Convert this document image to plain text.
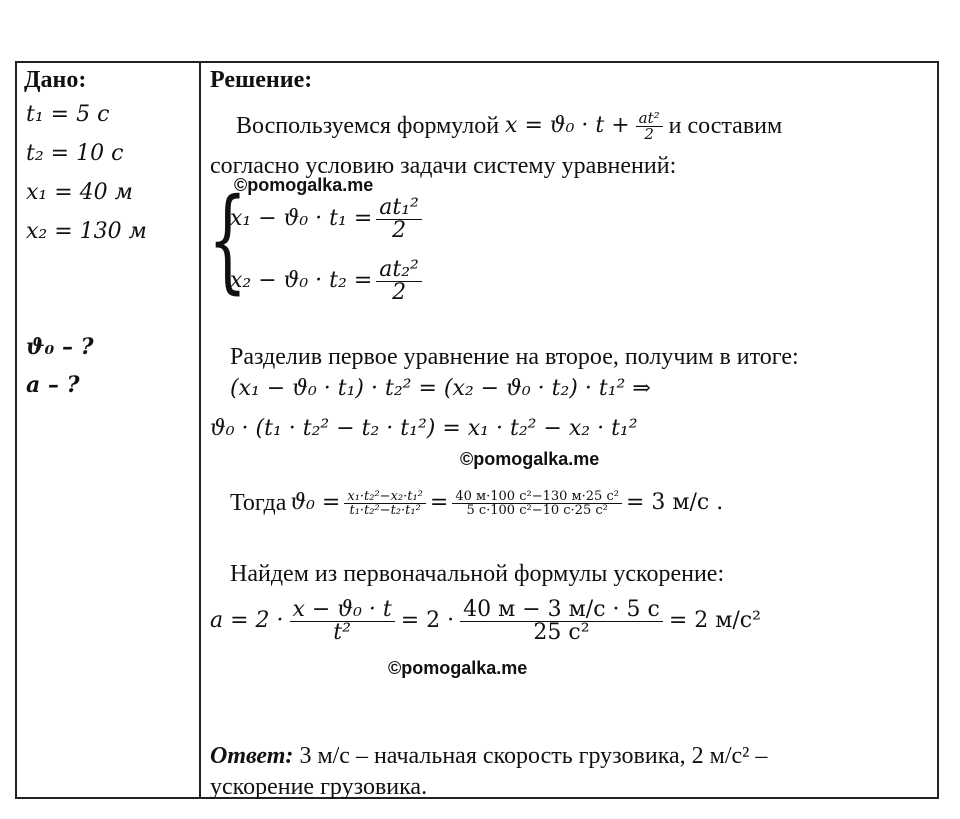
Дано:
t₁ = 5 с
t₂ = 10 с
x₁ = 40 м
x₂ = 130 м
ϑ₀ – ?
a – ?
Решение:
Воспользуемся формулой $x = ϑ_0 \cdot t + \frac{\text{at²}}{2}$ и составим
согласно условию задачи систему уравнений:
©pomogalka.me
{
$x_1 - ϑ_0 \cdot t_1 = \frac{\text{at₁²}}{2}$
$x_2 - ϑ_0 \cdot t_2 = \frac{\text{at₂²}}{2}$
Разделив первое уравнение на второе, получим в итоге:
(x₁ − ϑ₀ · t₁) · t₂² = (x₂ − ϑ₀ · t₂) · t₁² ⇒
ϑ₀ · (t₁ · t₂² − t₂ · t₁²) = x₁ · t₂² − x₂ · t₁²
©pomogalka.me
Тогда $ϑ_0 = \frac{\text{x₁·t₂²−x₂·t₁²}}{\text{t₁·t₂²−t₂·t₁²}} = \frac{\text{40 м·100 с²−130 м·25 с²}}{\text{5 с·100 с²−10 с·25 с²}} = 3$ м/с .
Найдем из первоначальной формулы ускорение:
$a = 2 \cdot \frac{\text{x − ϑ₀ · t}}{\text{t²}} = 2 \cdot \frac{40 м - 3 м/с \cdot 5 с}{\text{25 с²}} = 2$ м/с²
©pomogalka.me
Ответ: 3 м/с – начальная скорость грузовика, 2 м/с² –
ускорение грузовика.
